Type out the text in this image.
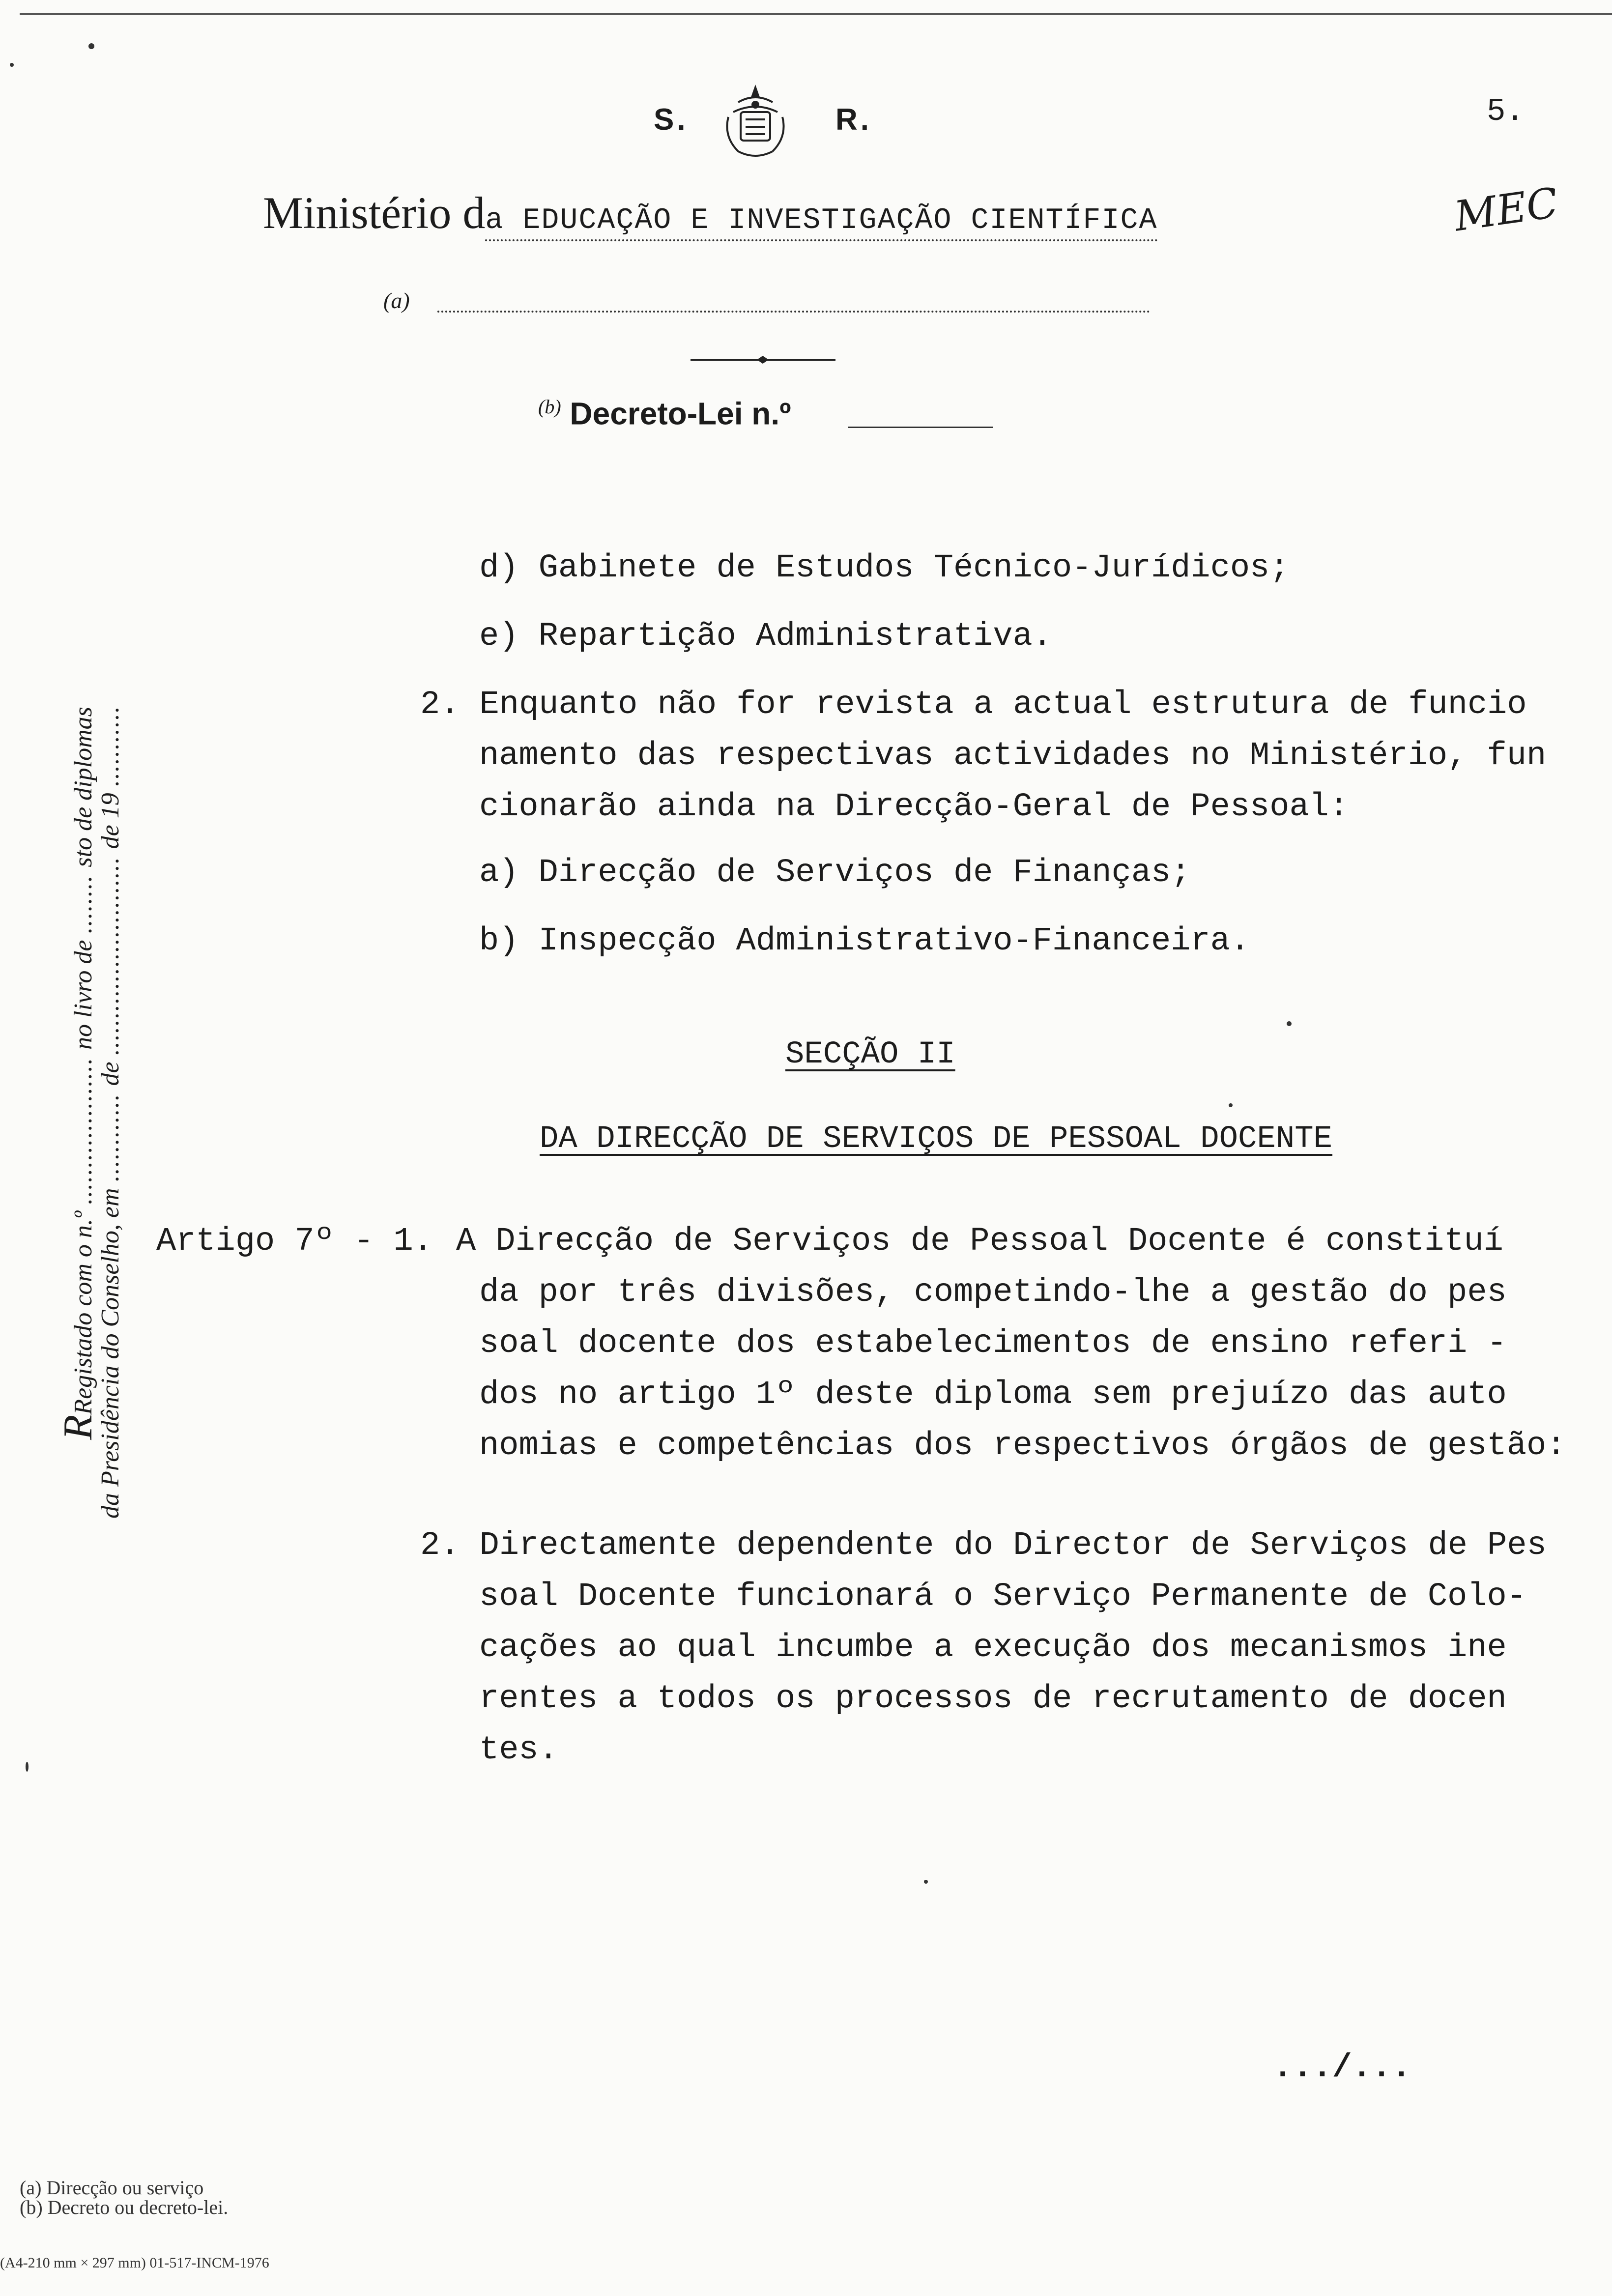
S.	R.	5.
Ministério da EDUCAÇÃO E INVESTIGAÇÃO CIENTÍFICA	MEC
(a)
$^{(b)}$ Decreto-Lei n.º
RRegistado com o n.º .................... no livro de ........ sto de diplomas
da Presidência do Conselho, em ............ de ........................... de 19 ...........
d) Gabinete de Estudos Técnico-Jurídicos;
e) Repartição Administrativa.
2. Enquanto não for revista a actual estrutura de funcio
namento das respectivas actividades no Ministério, fun
cionarão ainda na Direcção-Geral de Pessoal:
a) Direcção de Serviços de Finanças;
b) Inspecção Administrativo-Financeira.
SECÇÃO II
DA DIRECÇÃO DE SERVIÇOS DE PESSOAL DOCENTE
Artigo 7º - 1. A Direcção de Serviços de Pessoal Docente é constituí
da por três divisões, competindo-lhe a gestão do pes
soal docente dos estabelecimentos de ensino referi -
dos no artigo 1º deste diploma sem prejuízo das auto
nomias e competências dos respectivos órgãos de gestão:
2. Directamente dependente do Director de Serviços de Pes
soal Docente funcionará o Serviço Permanente de Colo-
cações ao qual incumbe a execução dos mecanismos ine
rentes a todos os processos de recrutamento de docen
tes.
.../...
(a) Direcção ou serviço
(b) Decreto ou decreto-lei.
(A4-210 mm × 297 mm) 01-517-INCM-1976
